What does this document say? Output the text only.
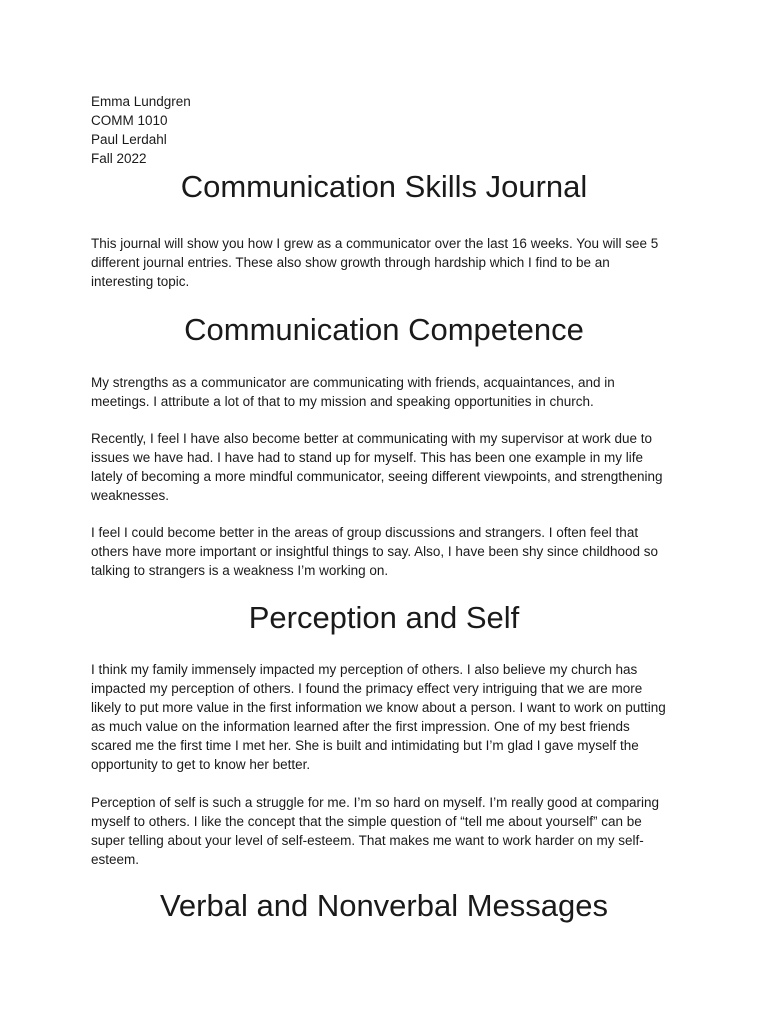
Emma Lundgren
COMM 1010
Paul Lerdahl
Fall 2022
Communication Skills Journal

This journal will show you how I grew as a communicator over the last 16 weeks. You will see 5 different journal entries. These also show growth through hardship which I find to be an interesting topic.

Communication Competence

My strengths as a communicator are communicating with friends, acquaintances, and in meetings. I attribute a lot of that to my mission and speaking opportunities in church.

Recently, I feel I have also become better at communicating with my supervisor at work due to issues we have had. I have had to stand up for myself. This has been one example in my life lately of becoming a more mindful communicator, seeing different viewpoints, and strengthening weaknesses.

I feel I could become better in the areas of group discussions and strangers. I often feel that others have more important or insightful things to say. Also, I have been shy since childhood so talking to strangers is a weakness I’m working on.

Perception and Self

I think my family immensely impacted my perception of others. I also believe my church has impacted my perception of others. I found the primacy effect very intriguing that we are more likely to put more value in the first information we know about a person. I want to work on putting as much value on the information learned after the first impression. One of my best friends scared me the first time I met her. She is built and intimidating but I’m glad I gave myself the opportunity to get to know her better.

Perception of self is such a struggle for me. I’m so hard on myself. I’m really good at comparing myself to others. I like the concept that the simple question of “tell me about yourself” can be super telling about your level of self-esteem. That makes me want to work harder on my self-esteem.

Verbal and Nonverbal Messages
